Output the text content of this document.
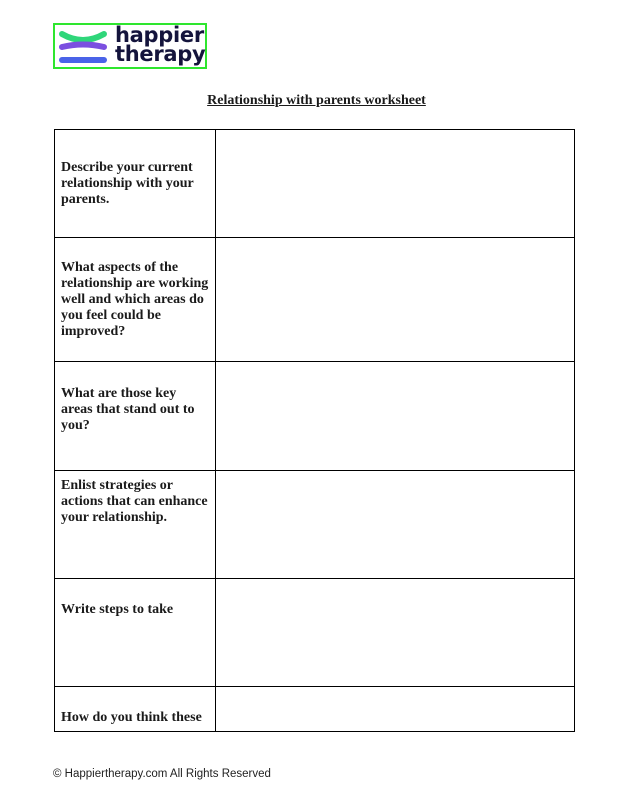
happier
therapy
Relationship with parents worksheet
Describe your current relationship with your parents.	
What aspects of the relationship are working well and which areas do you feel could be improved?	
What are those key areas that stand out to you?	
Enlist strategies or actions that can enhance your relationship.	
Write steps to take	
How do you think these	
© Happiertherapy.com All Rights Reserved
